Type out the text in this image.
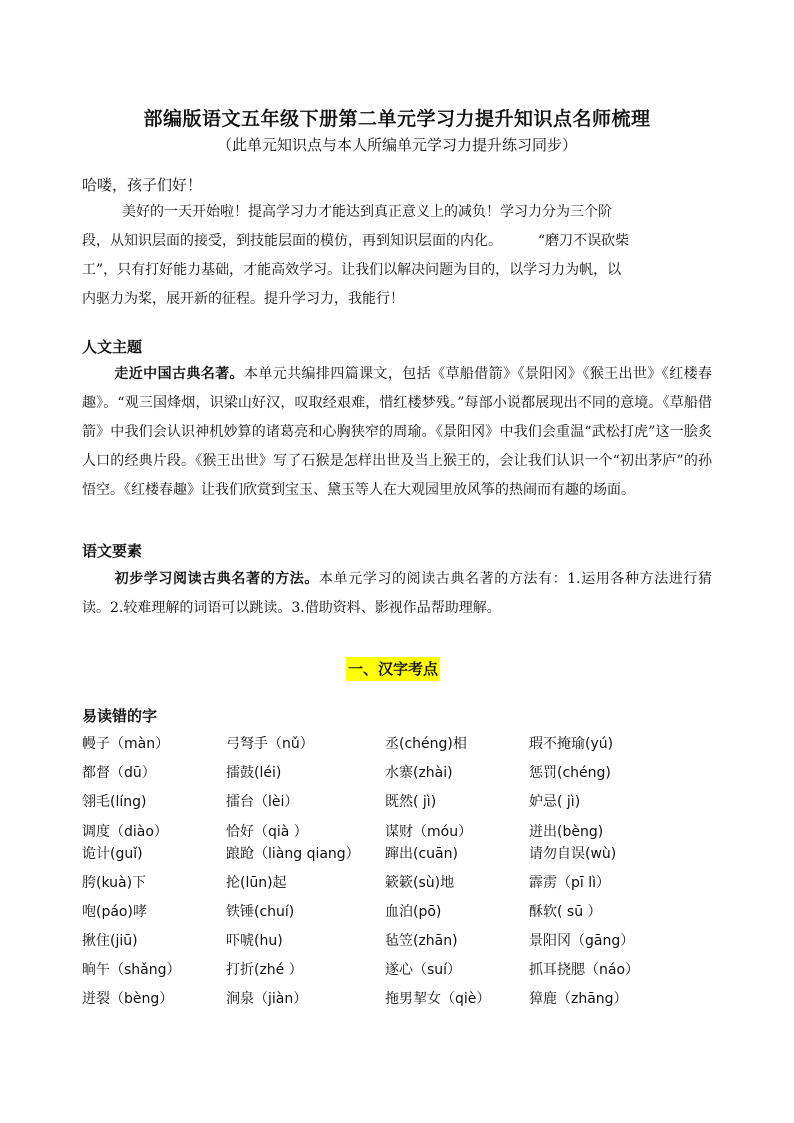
部编版语文五年级下册第二单元学习力提升知识点名师梳理
（此单元知识点与本人所编单元学习力提升练习同步）
哈喽，孩子们好！
美好的一天开始啦！提高学习力才能达到真正意义上的减负！学习力分为三个阶
段，从知识层面的接受，到技能层面的模仿，再到知识层面的内化。	“磨刀不误砍柴
工”，只有打好能力基础，才能高效学习。让我们以解决问题为目的，以学习力为帆，以
内驱力为桨，展开新的征程。提升学习力，我能行！
人文主题
走近中国古典名著。本单元共编排四篇课文，包括《草船借箭》《景阳冈》《猴王出世》《红楼春趣》。“观三国烽烟，识梁山好汉，叹取经艰难，惜红楼梦残。”每部小说都展现出不同的意境。《草船借箭》中我们会认识神机妙算的诸葛亮和心胸狭窄的周瑜。《景阳冈》中我们会重温“武松打虎”这一脍炙人口的经典片段。《猴王出世》写了石猴是怎样出世及当上猴王的，会让我们认识一个“初出茅庐”的孙悟空。《红楼春趣》让我们欣赏到宝玉、黛玉等人在大观园里放风筝的热闹而有趣的场面。
语文要素
初步学习阅读古典名著的方法。本单元学习的阅读古典名著的方法有：1.运用各种方法进行猜读。2.较难理解的词语可以跳读。3.借助资料、影视作品帮助理解。
一、汉字考点
易读错的字
幔子（màn）	弓弩手（nǔ）	丞(chéng)相	瑕不掩瑜(yú)
都督（dū）	擂鼓(léi)	水寨(zhài)	惩罚(chéng)
翎毛(líng)	擂台（lèi）	既然( jì)	妒忌( jì)
调度（diào）	恰好（qià ）	谋财（móu）	迸出(bèng)
诡计(guǐ)	踉跄（liàng qiang） 蹿出(cuān)	请勿自误(wù)
胯(kuà)下	抡(lūn)起	簌簌(sù)地	霹雳（pī lì）
咆(páo)哮	铁锤(chuí)	血泊(pō)	酥软( sū ）
揪住(jiū)	吓唬(hu)	毡笠(zhān)	景阳冈（gāng）
晌午（shǎng）	打折(zhé ）	遂心（suí）	抓耳挠腮（náo）
迸裂（bèng）	涧泉（jiàn）	拖男挈女（qiè）	獐鹿（zhāng）
